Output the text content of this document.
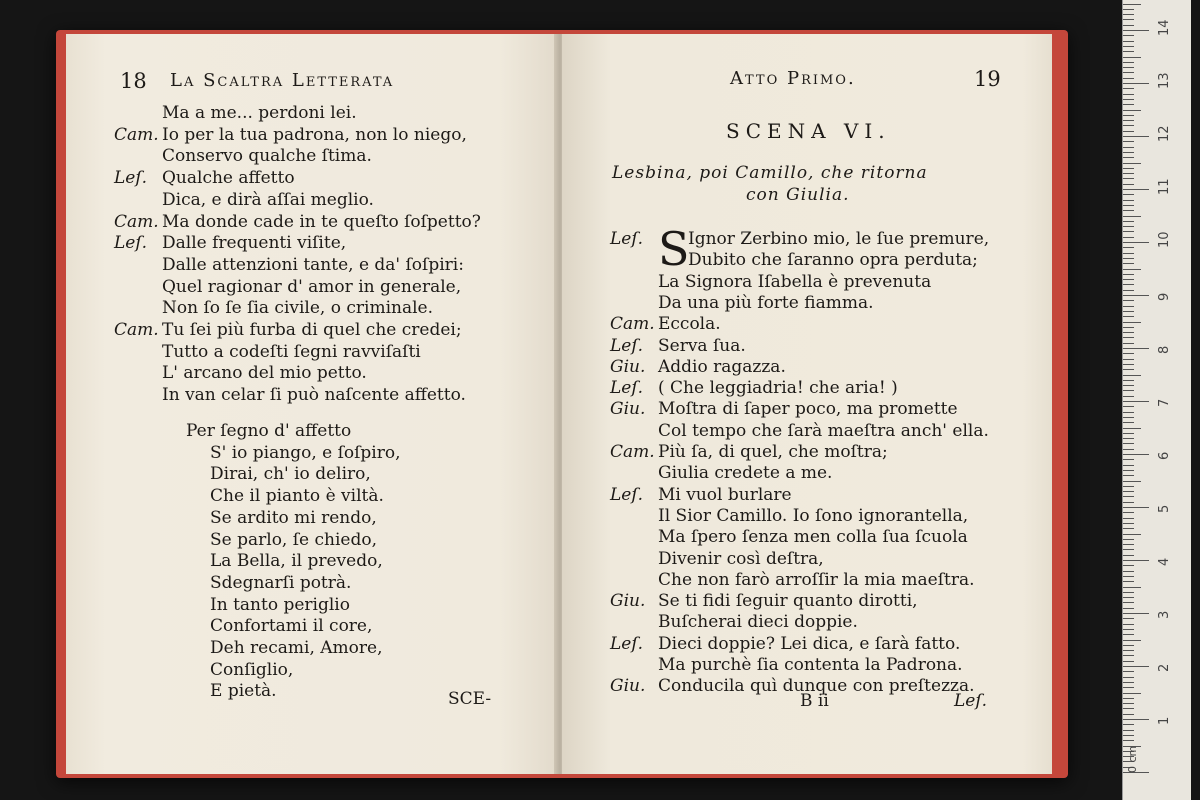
18 La Scaltra Letterata
Ma a me... perdoni lei.
Cam. Io per la tua padrona, non lo niego,
Conservo qualche ſtima.
Leſ. Qualche affetto
Dica, e dirà aſſai meglio.
Cam. Ma donde cade in te queſto ſoſpetto?
Leſ. Dalle frequenti viſite,
Dalle attenzioni tante, e da' ſoſpiri:
Quel ragionar d' amor in generale,
Non ſo ſe ſia civile, o criminale.
Cam. Tu ſei più furba di quel che credei;
Tutto a codeſti ſegni ravviſaſti
L' arcano del mio petto.
In van celar ſi può naſcente affetto.
Per ſegno d' affetto
S' io piango, e ſoſpiro,
Dirai, ch' io deliro,
Che il pianto è viltà.
Se ardito mi rendo,
Se parlo, ſe chiedo,
La Bella, il prevedo,
Sdegnarſi potrà.
In tanto periglio
Confortami il core,
Deh recami, Amore,
Conſiglio,
E pietà.	SCE-
Atto Primo.	19
SCENA VI.
Lesbina, poi Camillo, che ritorna
con Giulia.
S
Leſ.	Ignor Zerbino mio, le ſue premure,
Dubito che ſaranno opra perduta;
La Signora Iſabella è prevenuta
Da una più forte fiamma.
Cam. Eccola.
Leſ. Serva ſua.
Giu. Addio ragazza.
Leſ. ( Che leggiadria! che aria! )
Giu. Moſtra di ſaper poco, ma promette
Col tempo che ſarà maeſtra anch' ella.
Cam. Più ſa, di quel, che moſtra;
Giulia credete a me.
Leſ. Mi vuol burlare
Il Sior Camillo. Io ſono ignorantella,
Ma ſpero ſenza men colla ſua ſcuola
Divenir così deſtra,
Che non farò arroſſir la mia maeſtra.
Giu. Se ti fidi ſeguir quanto dirotti,
Buſcherai dieci doppie.
Leſ. Dieci doppie? Lei dica, e ſarà fatto.
Ma purchè ſia contenta la Padrona.
Giu. Conducila quì dunque con preſtezza.
B ii	Leſ.
1
2
3
4
5
6
7
8
9
10
11
12
13
14
0 cm
